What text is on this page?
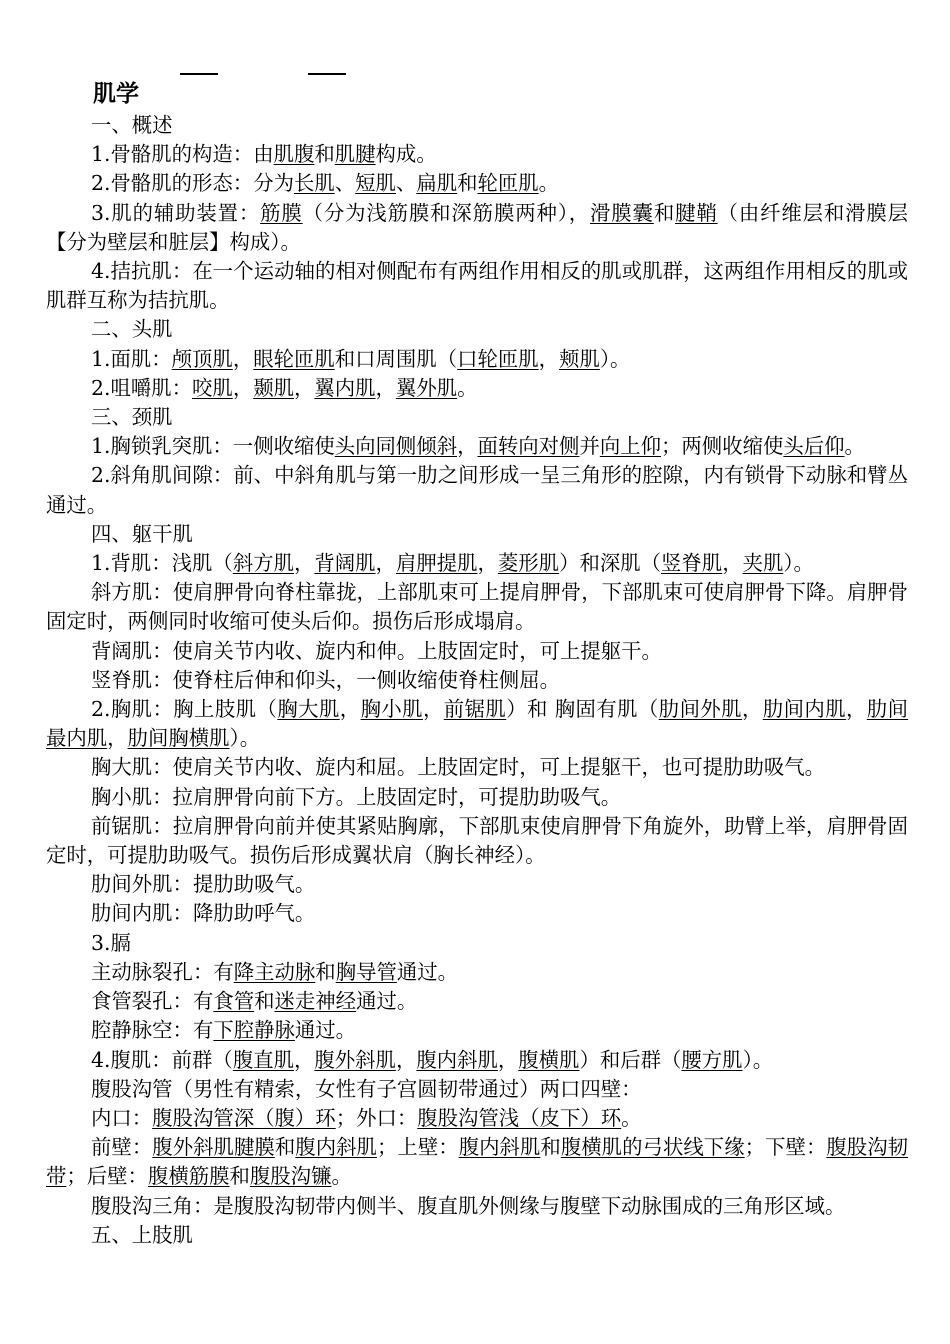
肌学

一、概述

1.骨骼肌的构造：由肌腹和肌腱构成。

2.骨骼肌的形态：分为长肌、短肌、扁肌和轮匝肌。

3.肌的辅助装置：筋膜（分为浅筋膜和深筋膜两种），滑膜囊和腱鞘（由纤维层和滑膜层【分为壁层和脏层】构成）。

4.拮抗肌：在一个运动轴的相对侧配布有两组作用相反的肌或肌群，这两组作用相反的肌或肌群互称为拮抗肌。

二、头肌

1.面肌：颅顶肌，眼轮匝肌和口周围肌（口轮匝肌，颊肌）。

2.咀嚼肌：咬肌，颞肌，翼内肌，翼外肌。

三、颈肌

1.胸锁乳突肌：一侧收缩使头向同侧倾斜，面转向对侧并向上仰；两侧收缩使头后仰。

2.斜角肌间隙：前、中斜角肌与第一肋之间形成一呈三角形的腔隙，内有锁骨下动脉和臂丛通过。

四、躯干肌

1.背肌：浅肌（斜方肌，背阔肌，肩胛提肌，菱形肌）和深肌（竖脊肌，夹肌）。

斜方肌：使肩胛骨向脊柱靠拢，上部肌束可上提肩胛骨，下部肌束可使肩胛骨下降。肩胛骨固定时，两侧同时收缩可使头后仰。损伤后形成塌肩。

背阔肌：使肩关节内收、旋内和伸。上肢固定时，可上提躯干。

竖脊肌：使脊柱后伸和仰头，一侧收缩使脊柱侧屈。

2.胸肌：胸上肢肌（胸大肌，胸小肌，前锯肌）和 胸固有肌（肋间外肌，肋间内肌，肋间最内肌，肋间胸横肌）。

胸大肌：使肩关节内收、旋内和屈。上肢固定时，可上提躯干，也可提肋助吸气。

胸小肌：拉肩胛骨向前下方。上肢固定时，可提肋助吸气。

前锯肌：拉肩胛骨向前并使其紧贴胸廓，下部肌束使肩胛骨下角旋外，助臂上举，肩胛骨固定时，可提肋助吸气。损伤后形成翼状肩（胸长神经）。

肋间外肌：提肋助吸气。

肋间内肌：降肋助呼气。

3.膈

主动脉裂孔：有降主动脉和胸导管通过。

食管裂孔：有食管和迷走神经通过。

腔静脉空：有下腔静脉通过。

4.腹肌：前群（腹直肌，腹外斜肌，腹内斜肌，腹横肌）和后群（腰方肌）。

腹股沟管（男性有精索，女性有子宫圆韧带通过）两口四壁：

内口：腹股沟管深（腹）环；外口：腹股沟管浅（皮下）环。

前壁：腹外斜肌腱膜和腹内斜肌；上壁：腹内斜肌和腹横肌的弓状线下缘；下壁：腹股沟韧带；后壁：腹横筋膜和腹股沟镰。

腹股沟三角：是腹股沟韧带内侧半、腹直肌外侧缘与腹壁下动脉围成的三角形区域。

五、上肢肌
